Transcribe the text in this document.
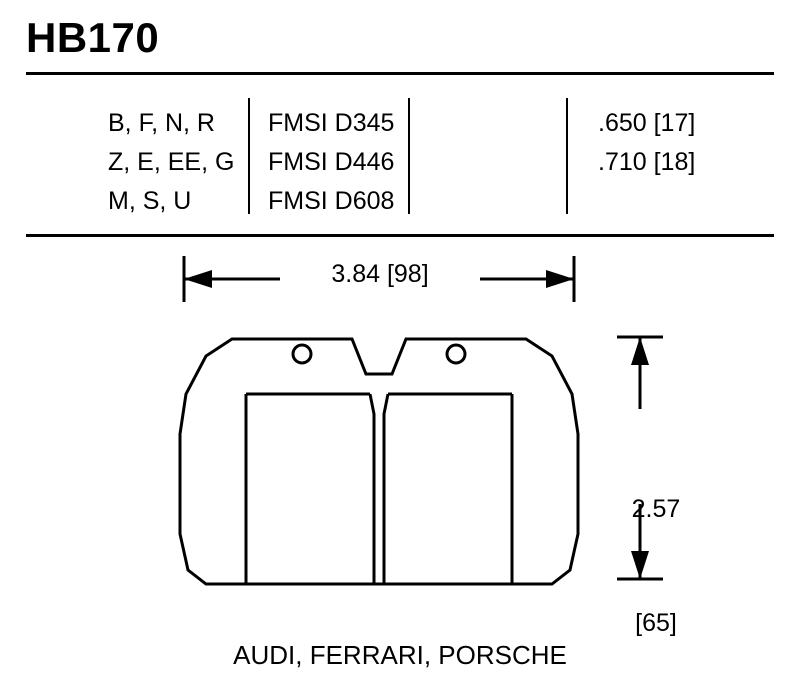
HB170
B, F, N, R
Z, E, EE, G
M, S, U
FMSI D345
FMSI D446
FMSI D608
.650 [17]
.710 [18]
3.84 [98]

2.57

[65]

AUDI, FERRARI, PORSCHE
